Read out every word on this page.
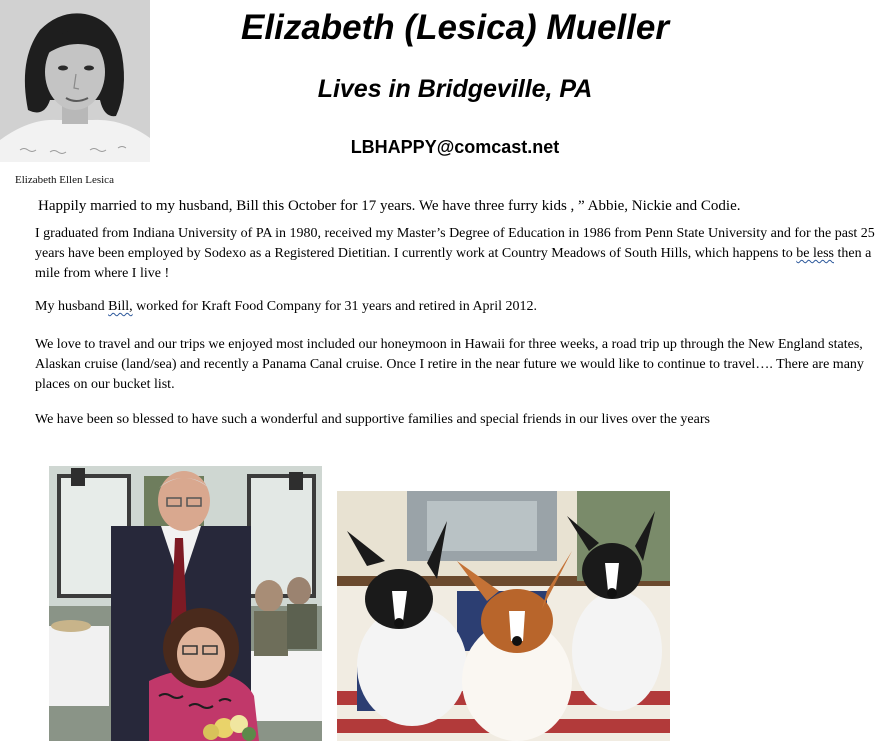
Elizabeth Ellen Lesica
Elizabeth (Lesica) Mueller
Lives in Bridgeville, PA
LBHAPPY@comcast.net
Happily married to my husband, Bill this October for 17 years. We have three furry kids , ” Abbie, Nickie and Codie.
I graduated from Indiana University of PA in 1980, received my Master’s Degree of Education in 1986 from Penn State University and for the past 25 years have been employed by Sodexo as a Registered Dietitian. I currently work at Country Meadows of South Hills, which happens to be less then a mile from where I live !
My husband Bill, worked for Kraft Food Company for 31 years and retired in April 2012.
We love to travel and our trips we enjoyed most included our honeymoon in Hawaii for three weeks, a road trip up through the New England states, Alaskan cruise (land/sea) and recently a Panama Canal cruise. Once I retire in the near future we would like to continue to travel…. There are many places on our bucket list.
We have been so blessed to have such a wonderful and supportive families and special friends in our lives over the years
